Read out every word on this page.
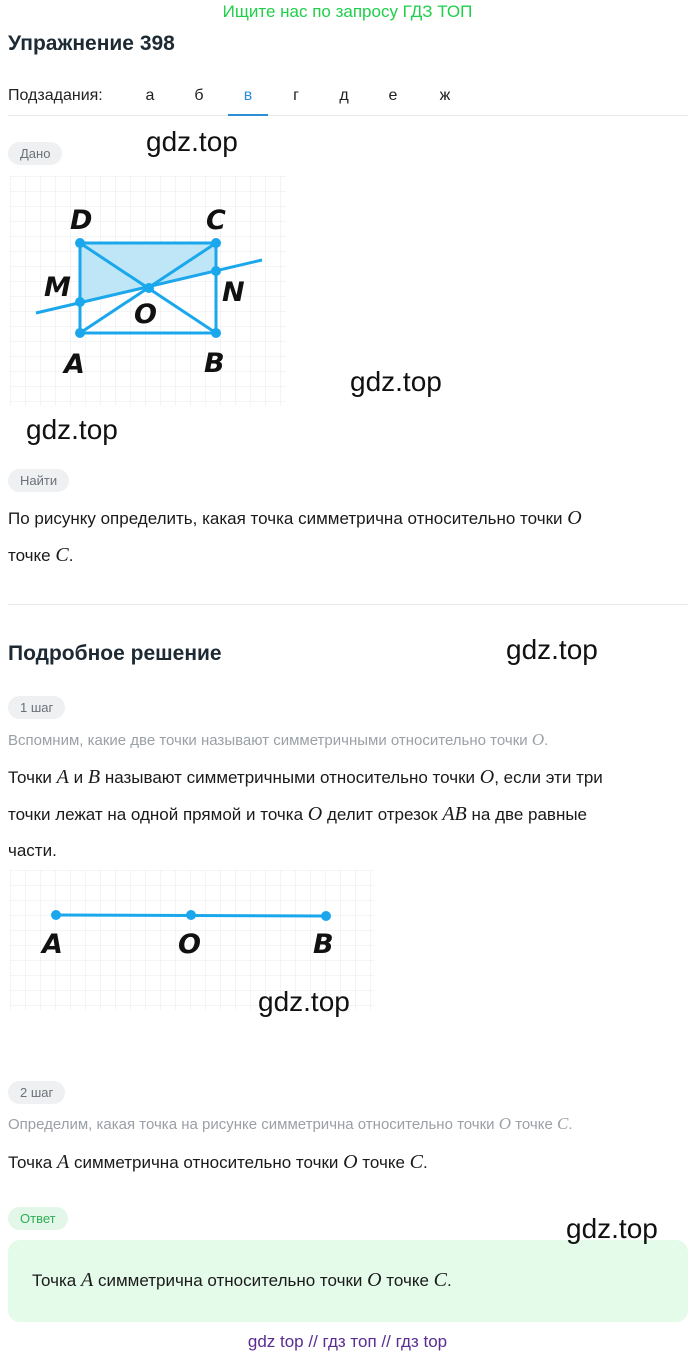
Ищите нас по запросу ГДЗ ТОП
Упражнение 398
Подзадания:	а	б	в	г	д	е	ж
Дано	gdz.top
D	C
M	N
O
A	B
gdz.top
gdz.top
Найти
По рисунку определить, какая точка симметрична относительно точки O
точке C.
Подробное решение	gdz.top
1 шаг
Вспомним, какие две точки называют симметричными относительно точки O.
Точки A и B называют симметричными относительно точки O, если эти три
точки лежат на одной прямой и точка O делит отрезок AB на две равные
части.
A	O	B
gdz.top
2 шаг
Определим, какая точка на рисунке симметрична относительно точки O точке C.
Точка A симметрична относительно точки O точке C.
Ответ
Точка A симметрична относительно точки O точке C.
gdz.top
gdz top // гдз топ // гдз top
